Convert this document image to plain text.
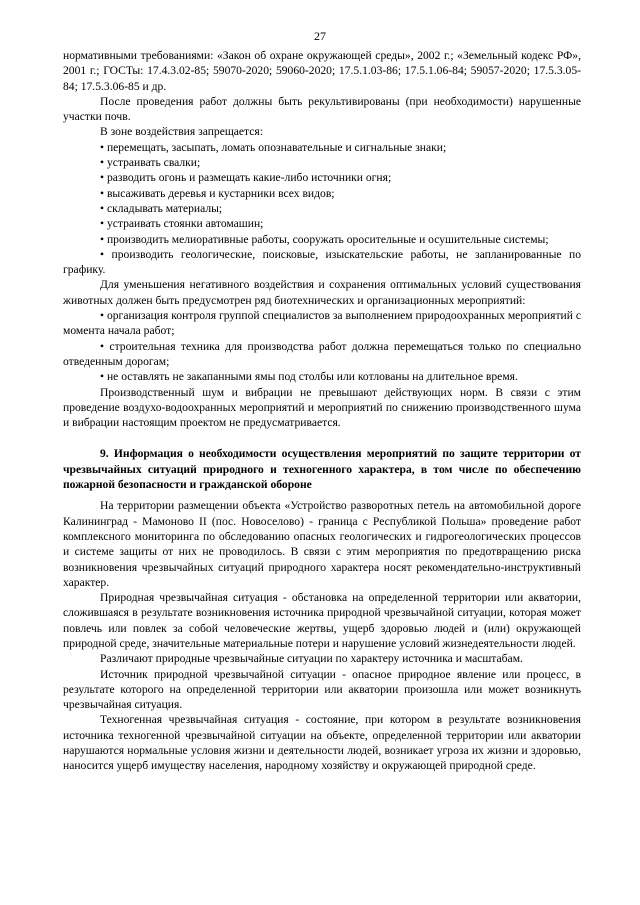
27

нормативными требованиями: «Закон об охране окружающей среды», 2002 г.; «Земельный кодекс РФ», 2001 г.; ГОСТы: 17.4.3.02-85; 59070-2020; 59060-2020; 17.5.1.03-86; 17.5.1.06-84; 59057-2020; 17.5.3.05-84; 17.5.3.06-85 и др.

После проведения работ должны быть рекультивированы (при необходимости) нарушенные участки почв.

В зоне воздействия запрещается:

• перемещать, засыпать, ломать опознавательные и сигнальные знаки;

• устраивать свалки;

• разводить огонь и размещать какие-либо источники огня;

• высаживать деревья и кустарники всех видов;

• складывать материалы;

• устраивать стоянки автомашин;

• производить мелиоративные работы, сооружать оросительные и осушительные системы;

• производить геологические, поисковые, изыскательские работы, не запланированные по графику.

Для уменьшения негативного воздействия и сохранения оптимальных условий существования животных должен быть предусмотрен ряд биотехнических и организационных мероприятий:

• организация контроля группой специалистов за выполнением природоохранных мероприятий с момента начала работ;

• строительная техника для производства работ должна перемещаться только по специально отведенным дорогам;

• не оставлять не закапанными ямы под столбы или котлованы на длительное время.

Производственный шум и вибрации не превышают действующих норм. В связи с этим проведение воздухо-водоохранных мероприятий и мероприятий по снижению производственного шума и вибрации настоящим проектом не предусматривается.

9. Информация о необходимости осуществления мероприятий по защите территории от чрезвычайных ситуаций природного и техногенного характера, в том числе по обеспечению пожарной безопасности и гражданской обороне

На территории размещении объекта «Устройство разворотных петель на автомобильной дороге Калининград - Мамоново II (пос. Новоселово) - граница с Республикой Польша» проведение работ комплексного мониторинга по обследованию опасных геологических и гидрогеологических процессов и системе защиты от них не проводилось. В связи с этим мероприятия по предотвращению риска возникновения чрезвычайных ситуаций природного характера носят рекомендательно-инструктивный характер.

Природная чрезвычайная ситуация - обстановка на определенной территории или акватории, сложившаяся в результате возникновения источника природной чрезвычайной ситуации, которая может повлечь или повлек за собой человеческие жертвы, ущерб здоровью людей и (или) окружающей природной среде, значительные материальные потери и нарушение условий жизнедеятельности людей.

Различают природные чрезвычайные ситуации по характеру источника и масштабам.

Источник природной чрезвычайной ситуации - опасное природное явление или процесс, в результате которого на определенной территории или акватории произошла или может возникнуть чрезвычайная ситуация.

Техногенная чрезвычайная ситуация - состояние, при котором в результате возникновения источника техногенной чрезвычайной ситуации на объекте, определенной территории или акватории нарушаются нормальные условия жизни и деятельности людей, возникает угроза их жизни и здоровью, наносится ущерб имуществу населения, народному хозяйству и окружающей природной среде.
